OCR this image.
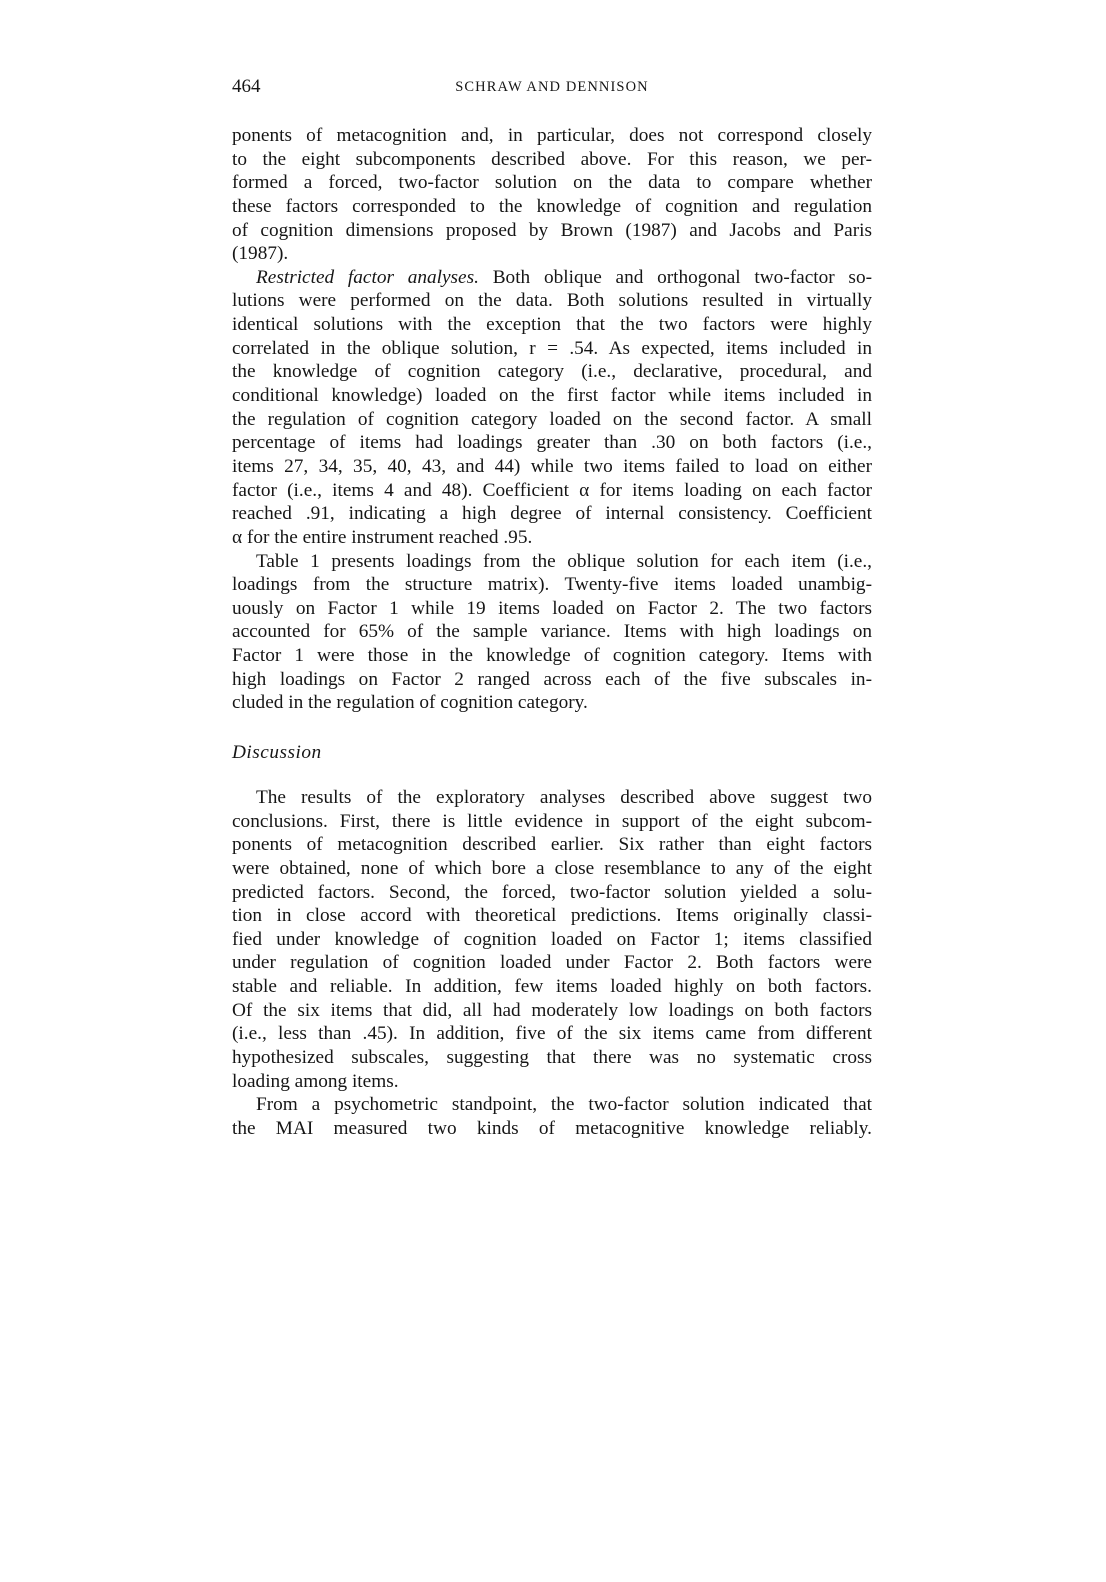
464	SCHRAW AND DENNISON
ponents of metacognition and, in particular, does not correspond closely
to the eight subcomponents described above. For this reason, we per-
formed a forced, two-factor solution on the data to compare whether
these factors corresponded to the knowledge of cognition and regulation
of cognition dimensions proposed by Brown (1987) and Jacobs and Paris
(1987).
Restricted factor analyses. Both oblique and orthogonal two-factor so-
lutions were performed on the data. Both solutions resulted in virtually
identical solutions with the exception that the two factors were highly
correlated in the oblique solution, r = .54. As expected, items included in
the knowledge of cognition category (i.e., declarative, procedural, and
conditional knowledge) loaded on the first factor while items included in
the regulation of cognition category loaded on the second factor. A small
percentage of items had loadings greater than .30 on both factors (i.e.,
items 27, 34, 35, 40, 43, and 44) while two items failed to load on either
factor (i.e., items 4 and 48). Coefficient α for items loading on each factor
reached .91, indicating a high degree of internal consistency. Coefficient
α for the entire instrument reached .95.
Table 1 presents loadings from the oblique solution for each item (i.e.,
loadings from the structure matrix). Twenty-five items loaded unambig-
uously on Factor 1 while 19 items loaded on Factor 2. The two factors
accounted for 65% of the sample variance. Items with high loadings on
Factor 1 were those in the knowledge of cognition category. Items with
high loadings on Factor 2 ranged across each of the five subscales in-
cluded in the regulation of cognition category.
Discussion
The results of the exploratory analyses described above suggest two
conclusions. First, there is little evidence in support of the eight subcom-
ponents of metacognition described earlier. Six rather than eight factors
were obtained, none of which bore a close resemblance to any of the eight
predicted factors. Second, the forced, two-factor solution yielded a solu-
tion in close accord with theoretical predictions. Items originally classi-
fied under knowledge of cognition loaded on Factor 1; items classified
under regulation of cognition loaded under Factor 2. Both factors were
stable and reliable. In addition, few items loaded highly on both factors.
Of the six items that did, all had moderately low loadings on both factors
(i.e., less than .45). In addition, five of the six items came from different
hypothesized subscales, suggesting that there was no systematic cross
loading among items.
From a psychometric standpoint, the two-factor solution indicated that
the MAI measured two kinds of metacognitive knowledge reliably.
